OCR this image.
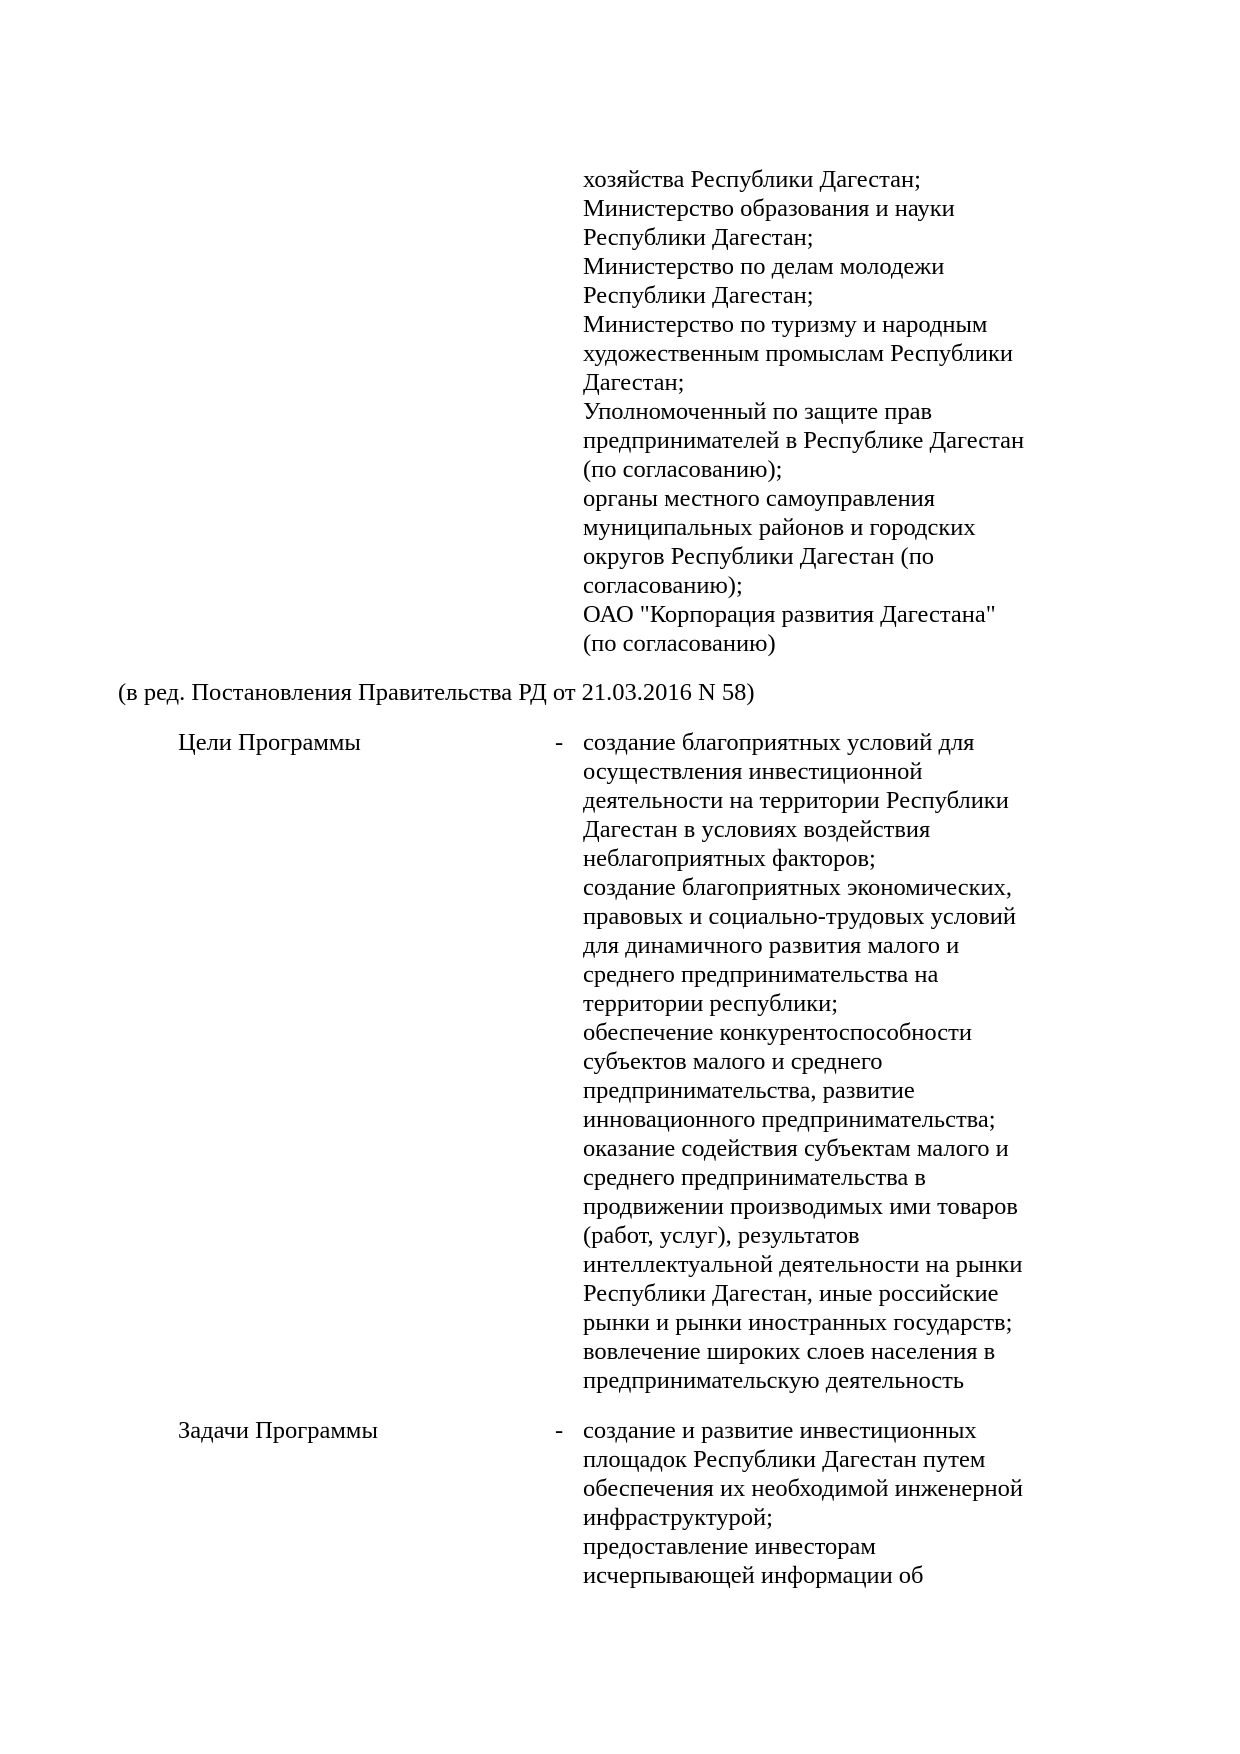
хозяйства Республики Дагестан;
Министерство образования и науки
Республики Дагестан;
Министерство по делам молодежи
Республики Дагестан;
Министерство по туризму и народным
художественным промыслам Республики
Дагестан;
Уполномоченный по защите прав
предпринимателей в Республике Дагестан
(по согласованию);
органы местного самоуправления
муниципальных районов и городских
округов Республики Дагестан (по
согласованию);
ОАО "Корпорация развития Дагестана"
(по согласованию)
(в ред. Постановления Правительства РД от 21.03.2016 N 58)
Цели Программы	- создание благоприятных условий для
осуществления инвестиционной
деятельности на территории Республики
Дагестан в условиях воздействия
неблагоприятных факторов;
создание благоприятных экономических,
правовых и социально-трудовых условий
для динамичного развития малого и
среднего предпринимательства на
территории республики;
обеспечение конкурентоспособности
субъектов малого и среднего
предпринимательства, развитие
инновационного предпринимательства;
оказание содействия субъектам малого и
среднего предпринимательства в
продвижении производимых ими товаров
(работ, услуг), результатов
интеллектуальной деятельности на рынки
Республики Дагестан, иные российские
рынки и рынки иностранных государств;
вовлечение широких слоев населения в
предпринимательскую деятельность
Задачи Программы	- создание и развитие инвестиционных
площадок Республики Дагестан путем
обеспечения их необходимой инженерной
инфраструктурой;
предоставление инвесторам
исчерпывающей информации об
